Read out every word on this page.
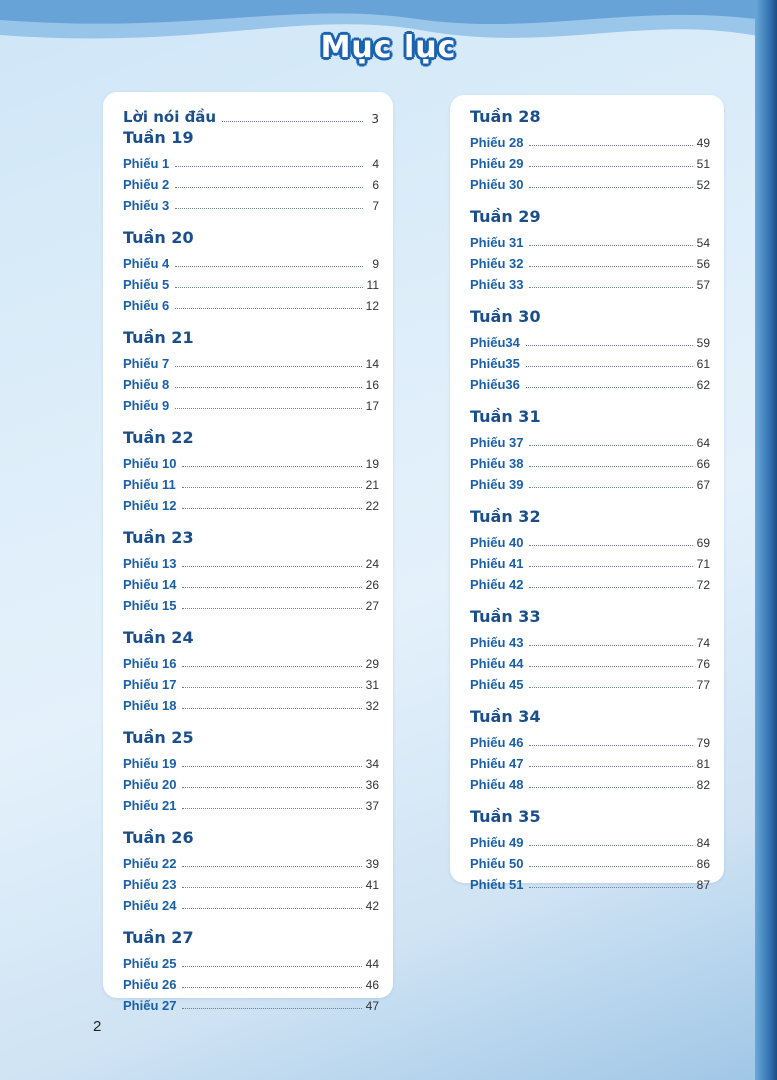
Mục lục
Lời nói đầu	3
Tuần 19
Phiếu 1	4
Phiếu 2	6
Phiếu 3	7
Tuần 20
Phiếu 4	9
Phiếu 5	11
Phiếu 6	12
Tuần 21
Phiếu 7	14
Phiếu 8	16
Phiếu 9	17
Tuần 22
Phiếu 10	19
Phiếu 11	21
Phiếu 12	22
Tuần 23
Phiếu 13	24
Phiếu 14	26
Phiếu 15	27
Tuần 24
Phiếu 16	29
Phiếu 17	31
Phiếu 18	32
Tuần 25
Phiếu 19	34
Phiếu 20	36
Phiếu 21	37
Tuần 26
Phiếu 22	39
Phiếu 23	41
Phiếu 24	42
Tuần 27
Phiếu 25	44
Phiếu 26	46
Phiếu 27	47
Tuần 28
Phiếu 28	49
Phiếu 29	51
Phiếu 30	52
Tuần 29
Phiếu 31	54
Phiếu 32	56
Phiếu 33	57
Tuần 30
Phiếu34	59
Phiếu35	61
Phiếu36	62
Tuần 31
Phiếu 37	64
Phiếu 38	66
Phiếu 39	67
Tuần 32
Phiếu 40	69
Phiếu 41	71
Phiếu 42	72
Tuần 33
Phiếu 43	74
Phiếu 44	76
Phiếu 45	77
Tuần 34
Phiếu 46	79
Phiếu 47	81
Phiếu 48	82
Tuần 35
Phiếu 49	84
Phiếu 50	86
Phiếu 51	87
2
